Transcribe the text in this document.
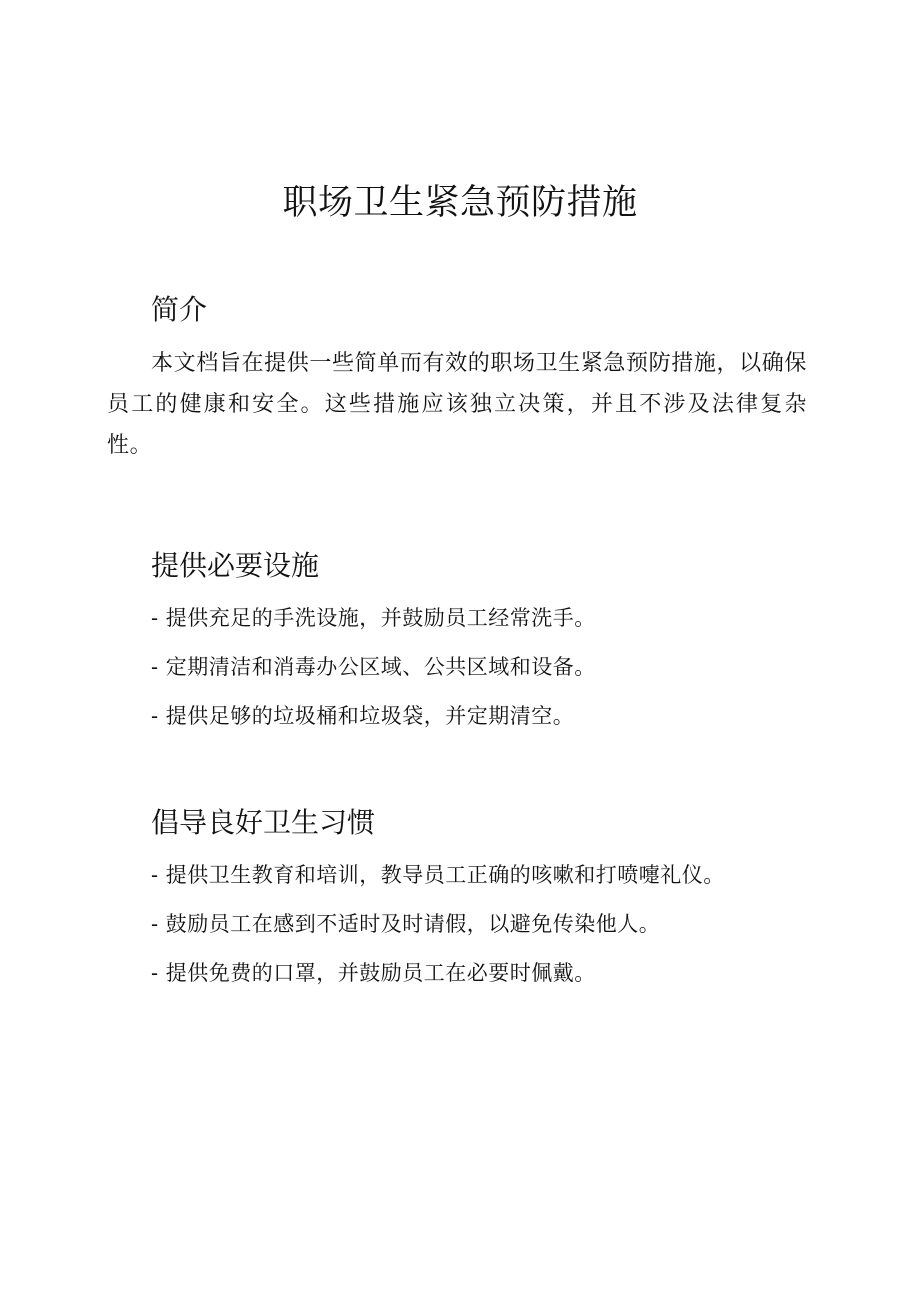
职场卫生紧急预防措施
简介

本文档旨在提供一些简单而有效的职场卫生紧急预防措施，以确保员工的健康和安全。这些措施应该独立决策，并且不涉及法律复杂性。

提供必要设施
- 提供充足的手洗设施，并鼓励员工经常洗手。
- 定期清洁和消毒办公区域、公共区域和设备。
- 提供足够的垃圾桶和垃圾袋，并定期清空。
倡导良好卫生习惯
- 提供卫生教育和培训，教导员工正确的咳嗽和打喷嚏礼仪。
- 鼓励员工在感到不适时及时请假，以避免传染他人。
- 提供免费的口罩，并鼓励员工在必要时佩戴。
